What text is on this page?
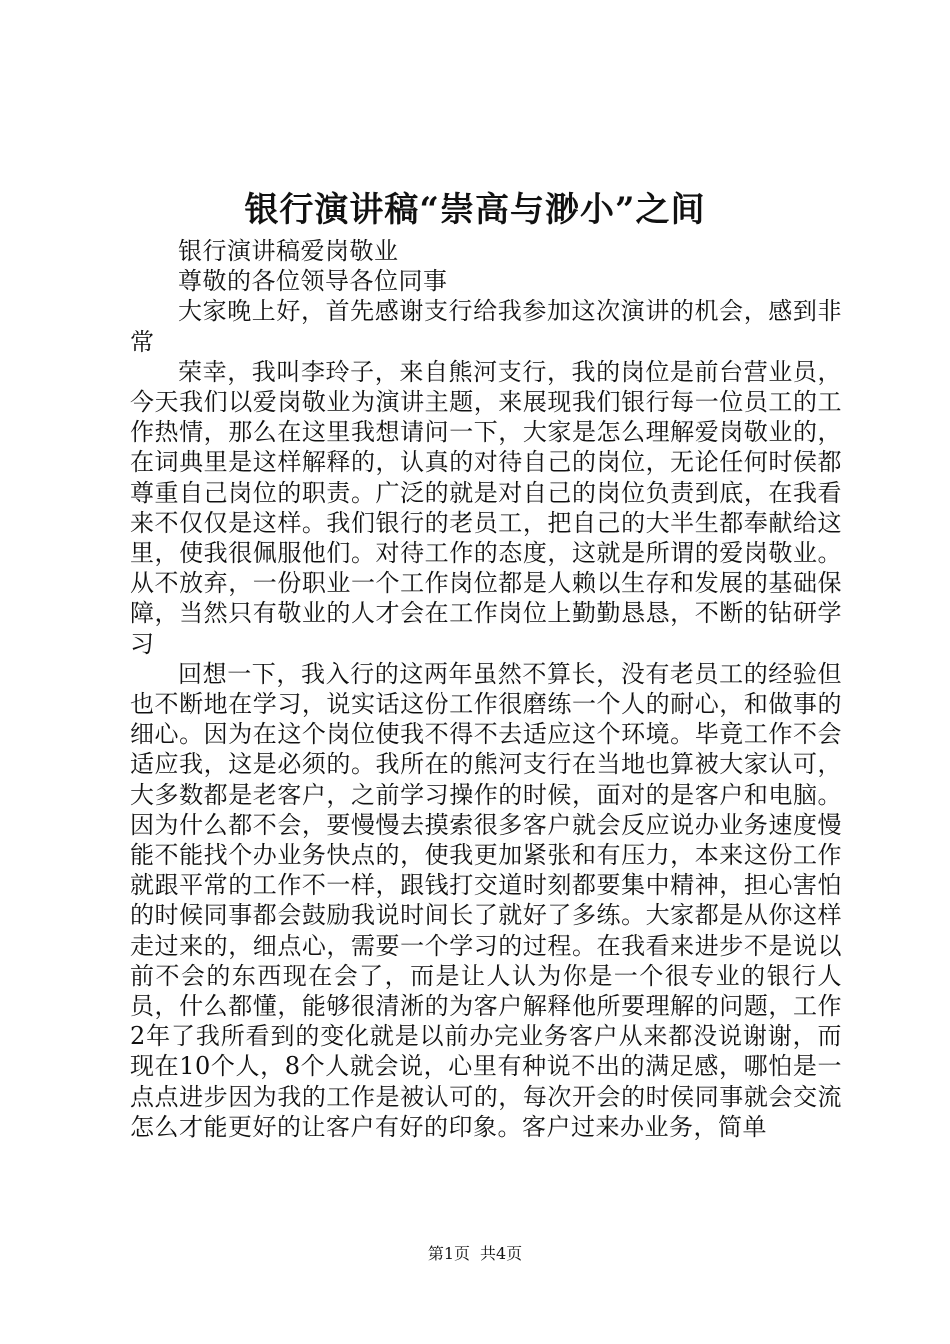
银行演讲稿“崇高与渺小”之间

银行演讲稿爱岗敬业

尊敬的各位领导各位同事

大家晚上好，首先感谢支行给我参加这次演讲的机会，感到非常

荣幸，我叫李玲子，来自熊河支行，我的岗位是前台营业员，今天我们以爱岗敬业为演讲主题，来展现我们银行每一位员工的工作热情，那么在这里我想请问一下，大家是怎么理解爱岗敬业的，在词典里是这样解释的，认真的对待自己的岗位，无论任何时侯都尊重自己岗位的职责。广泛的就是对自己的岗位负责到底，在我看来不仅仅是这样。我们银行的老员工，把自己的大半生都奉献给这里，使我很佩服他们。对待工作的态度，这就是所谓的爱岗敬业。从不放弃，一份职业一个工作岗位都是人赖以生存和发展的基础保障，当然只有敬业的人才会在工作岗位上勤勤恳恳，不断的钻研学习

回想一下，我入行的这两年虽然不算长，没有老员工的经验但也不断地在学习，说实话这份工作很磨练一个人的耐心，和做事的细心。因为在这个岗位使我不得不去适应这个环境。毕竟工作不会适应我，这是必须的。我所在的熊河支行在当地也算被大家认可，大多数都是老客户，之前学习操作的时候，面对的是客户和电脑。因为什么都不会，要慢慢去摸索很多客户就会反应说办业务速度慢能不能找个办业务快点的，使我更加紧张和有压力，本来这份工作就跟平常的工作不一样，跟钱打交道时刻都要集中精神，担心害怕的时候同事都会鼓励我说时间长了就好了多练。大家都是从你这样走过来的，细点心，需要一个学习的过程。在我看来进步不是说以前不会的东西现在会了，而是让人认为你是一个很专业的银行人员，什么都懂，能够很清淅的为客户解释他所要理解的问题，工作2年了我所看到的变化就是以前办完业务客户从来都没说谢谢，而现在10个人，8个人就会说，心里有种说不出的满足感，哪怕是一点点进步因为我的工作是被认可的，每次开会的时侯同事就会交流怎么才能更好的让客户有好的印象。客户过来办业务，简单

第1页 共4页
